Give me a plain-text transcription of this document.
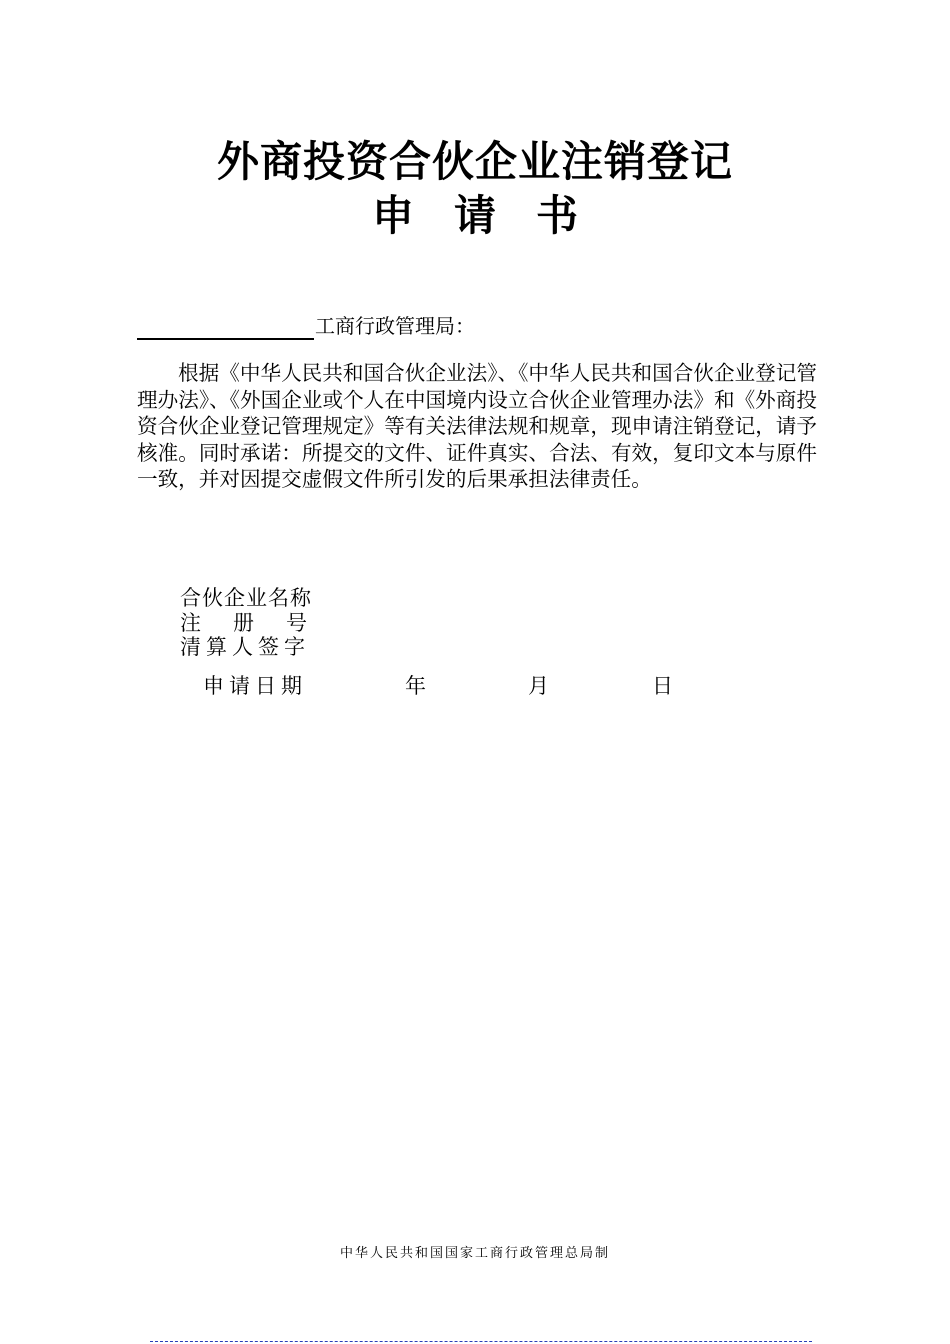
外商投资合伙企业注销登记
申请书
工商行政管理局：
根据《中华人民共和国合伙企业法》、《中华人民共和国合伙企业登记管理办法》、《外国企业或个人在中国境内设立合伙企业管理办法》和《外商投资合伙企业登记管理规定》等有关法律法规和规章，现申请注销登记，请予核准。同时承诺：所提交的文件、证件真实、合法、有效，复印文本与原件一致，并对因提交虚假文件所引发的后果承担法律责任。
合伙企业名称
注册号
清算人签字
申请日期	年	月	日
中华人民共和国国家工商行政管理总局制
